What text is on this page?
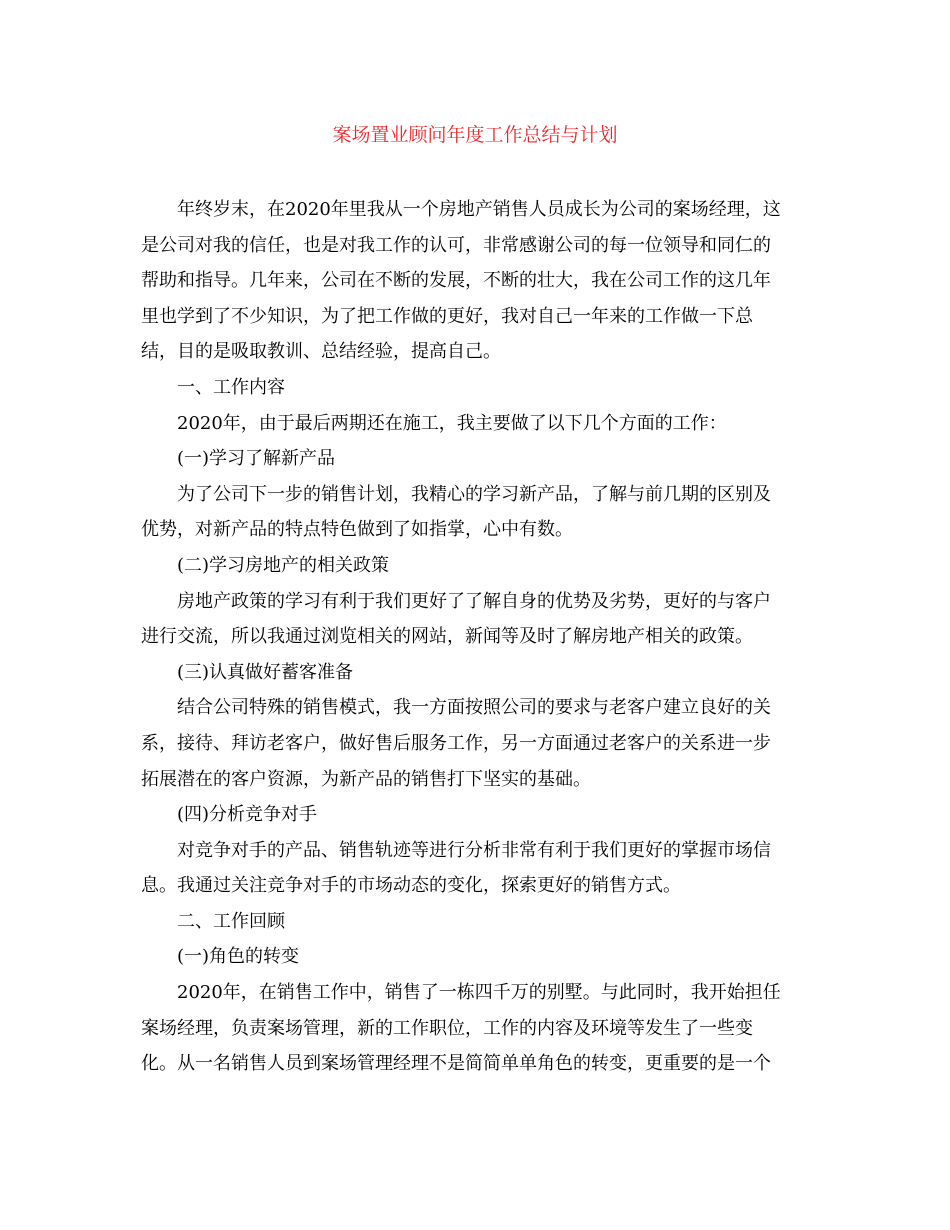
案场置业顾问年度工作总结与计划
年终岁末，在2020年里我从一个房地产销售人员成长为公司的案场经理，这
是公司对我的信任，也是对我工作的认可，非常感谢公司的每一位领导和同仁的
帮助和指导。几年来，公司在不断的发展，不断的壮大，我在公司工作的这几年
里也学到了不少知识，为了把工作做的更好，我对自己一年来的工作做一下总
结，目的是吸取教训、总结经验，提高自己。
一、工作内容
2020年，由于最后两期还在施工，我主要做了以下几个方面的工作：
(一)学习了解新产品
为了公司下一步的销售计划，我精心的学习新产品，了解与前几期的区别及
优势，对新产品的特点特色做到了如指掌，心中有数。
(二)学习房地产的相关政策
房地产政策的学习有利于我们更好了了解自身的优势及劣势，更好的与客户
进行交流，所以我通过浏览相关的网站，新闻等及时了解房地产相关的政策。
(三)认真做好蓄客准备
结合公司特殊的销售模式，我一方面按照公司的要求与老客户建立良好的关
系，接待、拜访老客户，做好售后服务工作，另一方面通过老客户的关系进一步
拓展潜在的客户资源，为新产品的销售打下坚实的基础。
(四)分析竞争对手
对竞争对手的产品、销售轨迹等进行分析非常有利于我们更好的掌握市场信
息。我通过关注竞争对手的市场动态的变化，探索更好的销售方式。
二、工作回顾
(一)角色的转变
2020年，在销售工作中，销售了一栋四千万的别墅。与此同时，我开始担任
案场经理，负责案场管理，新的工作职位，工作的内容及环境等发生了一些变
化。从一名销售人员到案场管理经理不是简简单单角色的转变，更重要的是一个
